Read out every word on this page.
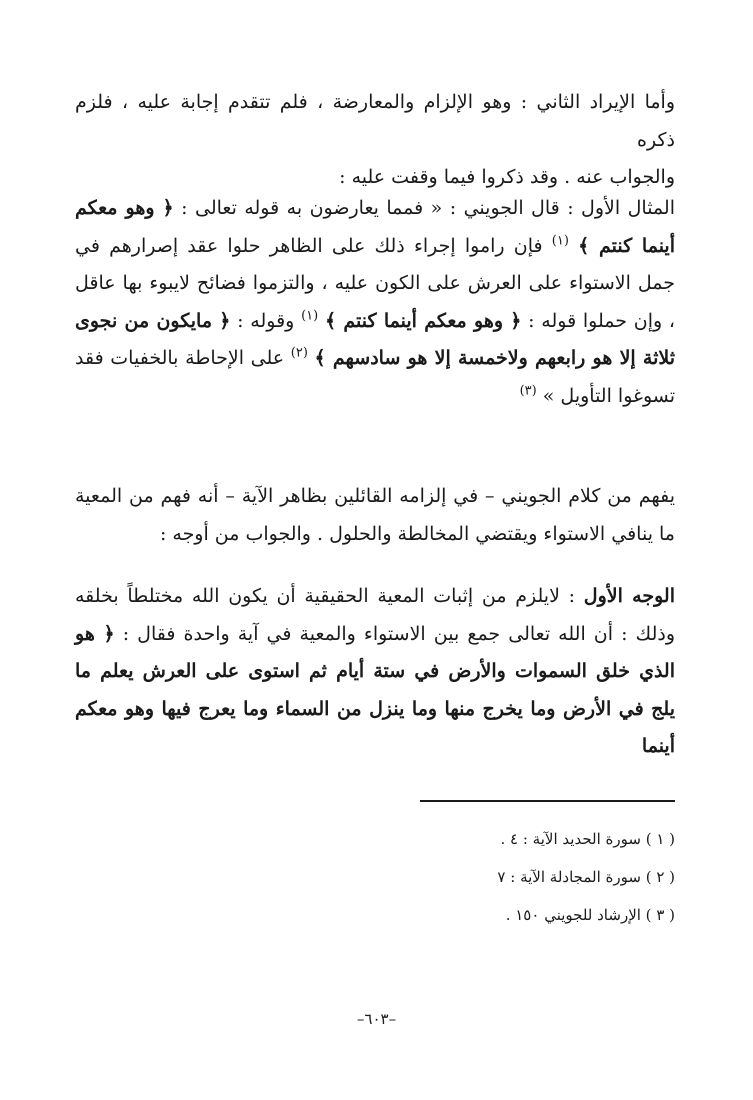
وأما الإيراد الثاني : وهو الإلزام والمعارضة ، فلم تتقدم إجابة عليه ، فلزم ذكره

والجواب عنه . وقد ذكروا فيما وقفت عليه :

المثال الأول : قال الجويني : « فمما يعارضون به قوله تعالى : ﴿ وهو معكم أينما كنتم ﴾ $^{(١)}$ فإن راموا إجراء ذلك على الظاهر حلوا عقد إصرارهم في جمل الاستواء على العرش على الكون عليه ، والتزموا فضائح لايبوء بها عاقل ، وإن حملوا قوله : ﴿ وهو معكم أينما كنتم ﴾ $^{(١)}$ وقوله : ﴿ مايكون من نجوى ثلاثة إلا هو رابعهم ولاخمسة إلا هو سادسهم ﴾ $^{(٢)}$ على الإحاطة بالخفيات فقد تسوغوا التأويل » $^{(٣)}$

يفهم من كلام الجويني – في إلزامه القائلين بظاهر الآية – أنه فهم من المعية ما ينافي الاستواء ويقتضي المخالطة والحلول . والجواب من أوجه :

الوجه الأول : لايلزم من إثبات المعية الحقيقية أن يكون الله مختلطاً بخلقه وذلك : أن الله تعالى جمع بين الاستواء والمعية في آية واحدة فقال : ﴿ هو الذي خلق السموات والأرض في ستة أيام ثم استوى على العرش يعلم ما يلج في الأرض وما يخرج منها وما ينزل من السماء وما يعرج فيها وهو معكم أينما

( ١ ) سورة الحديد الآية : ٤ .

( ٢ ) سورة المجادلة الآية : ٧

( ٣ ) الإرشاد للجويني ١٥٠ .

–٦٠٣–
